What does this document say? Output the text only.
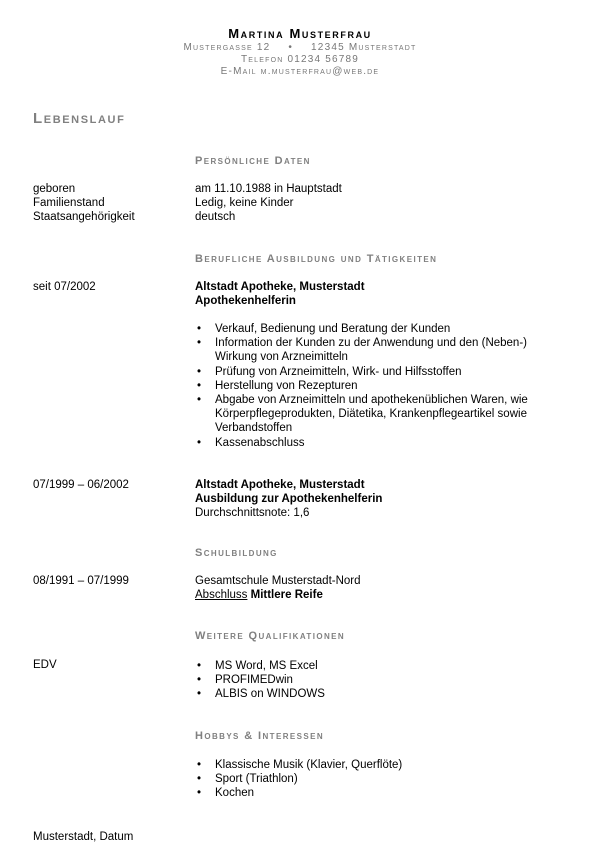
Martina Musterfrau
Mustergasse 12 • 12345 Musterstadt
Telefon 01234 56789
E-Mail m.musterfrau@web.de
Lebenslauf
Persönliche Daten
geboren	am 11.10.1988 in Hauptstadt
Familienstand	Ledig, keine Kinder
Staatsangehörigkeit	deutsch
Berufliche Ausbildung und Tätigkeiten
seit 07/2002	Altstadt Apotheke, Musterstadt
Apothekenhelferin
• Verkauf, Bedienung und Beratung der Kunden
• Information der Kunden zu der Anwendung und den (Neben-) Wirkung von Arzneimitteln
• Prüfung von Arzneimitteln, Wirk- und Hilfsstoffen
• Herstellung von Rezepturen
• Abgabe von Arzneimitteln und apothekenüblichen Waren, wie Körperpflegeprodukten, Diätetika, Krankenpflegeartikel sowie Verbandstoffen
• Kassenabschluss
07/1999 – 06/2002	Altstadt Apotheke, Musterstadt
Ausbildung zur Apothekenhelferin
Durchschnittsnote: 1,6
Schulbildung
08/1991 – 07/1999	Gesamtschule Musterstadt-Nord
Abschluss Mittlere Reife
Weitere Qualifikationen
EDV	• MS Word, MS Excel
• PROFIMEDwin
• ALBIS on WINDOWS
Hobbys & Interessen
• Klassische Musik (Klavier, Querflöte)
• Sport (Triathlon)
• Kochen
Musterstadt, Datum
